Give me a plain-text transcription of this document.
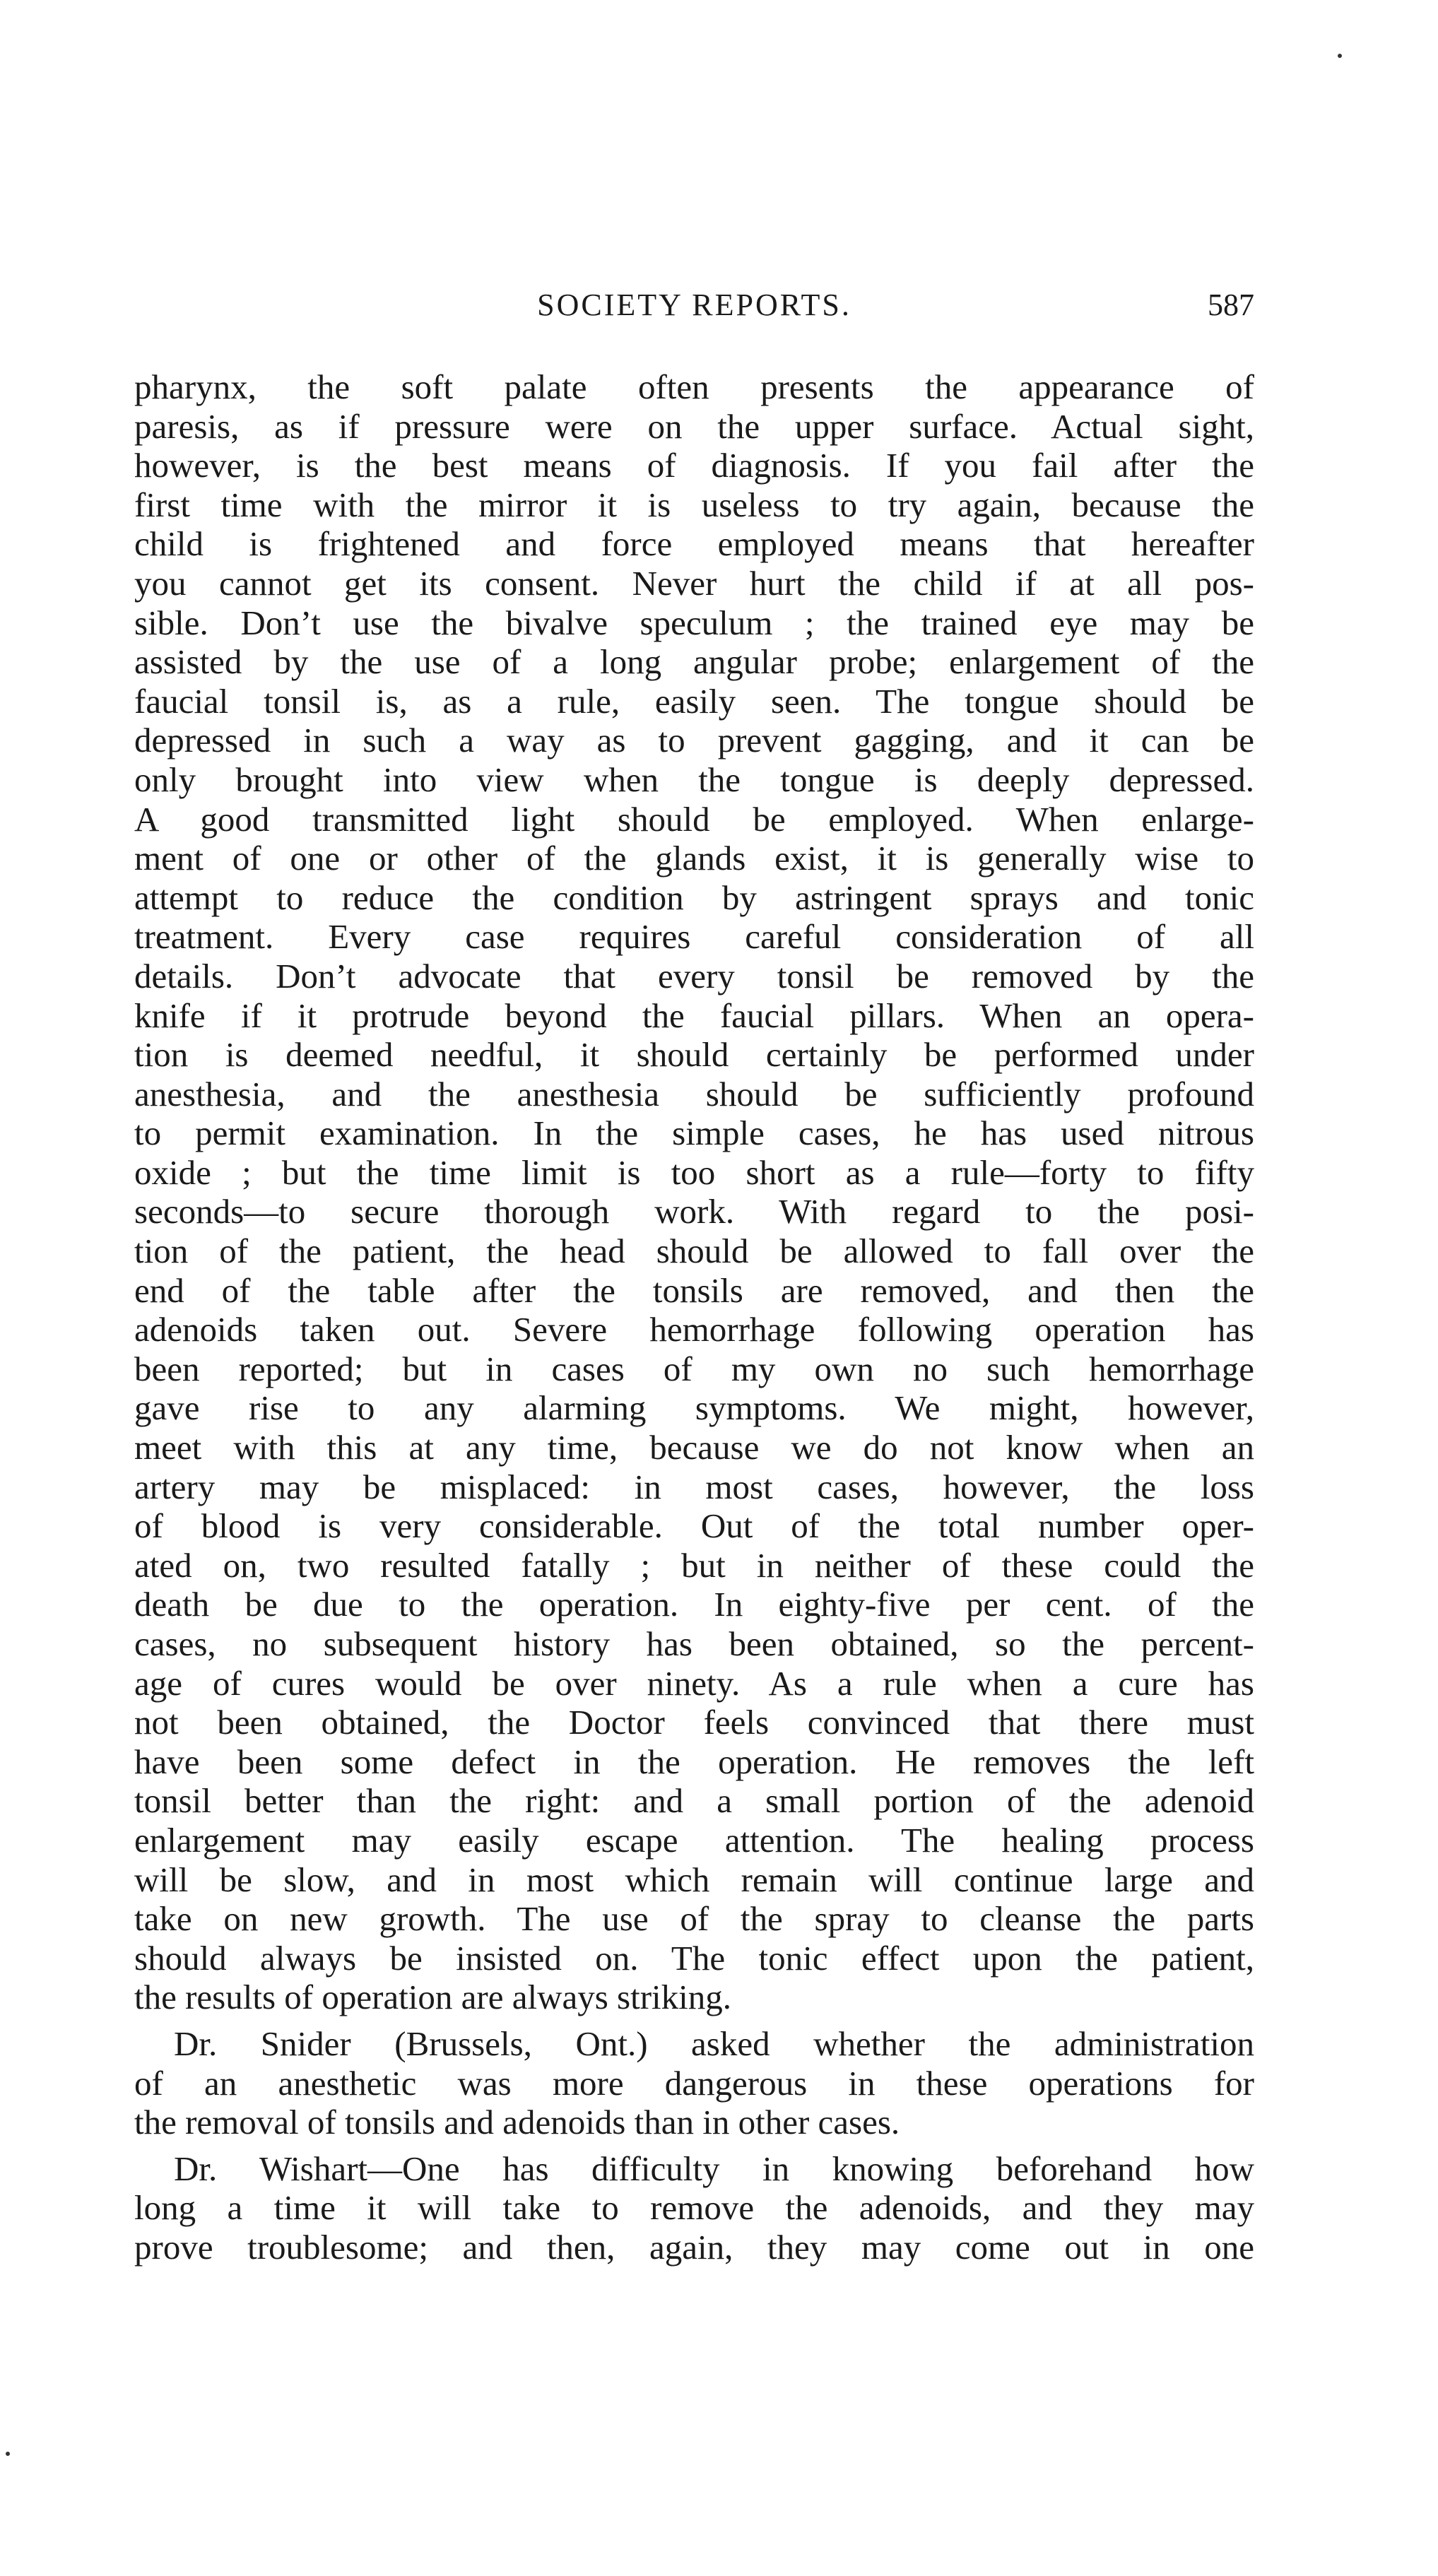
SOCIETY REPORTS.	587
pharynx, the soft palate often presents the appearance of
paresis, as if pressure were on the upper surface. Actual sight,
however, is the best means of diagnosis. If you fail after the
first time with the mirror it is useless to try again, because the
child is frightened and force employed means that hereafter
you cannot get its consent. Never hurt the child if at all pos-
sible. Don’t use the bivalve speculum ; the trained eye may be
assisted by the use of a long angular probe; enlargement of the
faucial tonsil is, as a rule, easily seen. The tongue should be
depressed in such a way as to prevent gagging, and it can be
only brought into view when the tongue is deeply depressed.
A good transmitted light should be employed. When enlarge-
ment of one or other of the glands exist, it is generally wise to
attempt to reduce the condition by astringent sprays and tonic
treatment. Every case requires careful consideration of all
details. Don’t advocate that every tonsil be removed by the
knife if it protrude beyond the faucial pillars. When an opera-
tion is deemed needful, it should certainly be performed under
anesthesia, and the anesthesia should be sufficiently profound
to permit examination. In the simple cases, he has used nitrous
oxide ; but the time limit is too short as a rule—forty to fifty
seconds—to secure thorough work. With regard to the posi-
tion of the patient, the head should be allowed to fall over the
end of the table after the tonsils are removed, and then the
adenoids taken out. Severe hemorrhage following operation has
been reported; but in cases of my own no such hemorrhage
gave rise to any alarming symptoms. We might, however,
meet with this at any time, because we do not know when an
artery may be misplaced: in most cases, however, the loss
of blood is very considerable. Out of the total number oper-
ated on, two resulted fatally ; but in neither of these could the
death be due to the operation. In eighty-five per cent. of the
cases, no subsequent history has been obtained, so the percent-
age of cures would be over ninety. As a rule when a cure has
not been obtained, the Doctor feels convinced that there must
have been some defect in the operation. He removes the left
tonsil better than the right: and a small portion of the adenoid
enlargement may easily escape attention. The healing process
will be slow, and in most which remain will continue large and
take on new growth. The use of the spray to cleanse the parts
should always be insisted on. The tonic effect upon the patient,
the results of operation are always striking.
Dr. Snider (Brussels, Ont.) asked whether the administration
of an anesthetic was more dangerous in these operations for
the removal of tonsils and adenoids than in other cases.
Dr. Wishart—One has difficulty in knowing beforehand how
long a time it will take to remove the adenoids, and they may
prove troublesome; and then, again, they may come out in one
